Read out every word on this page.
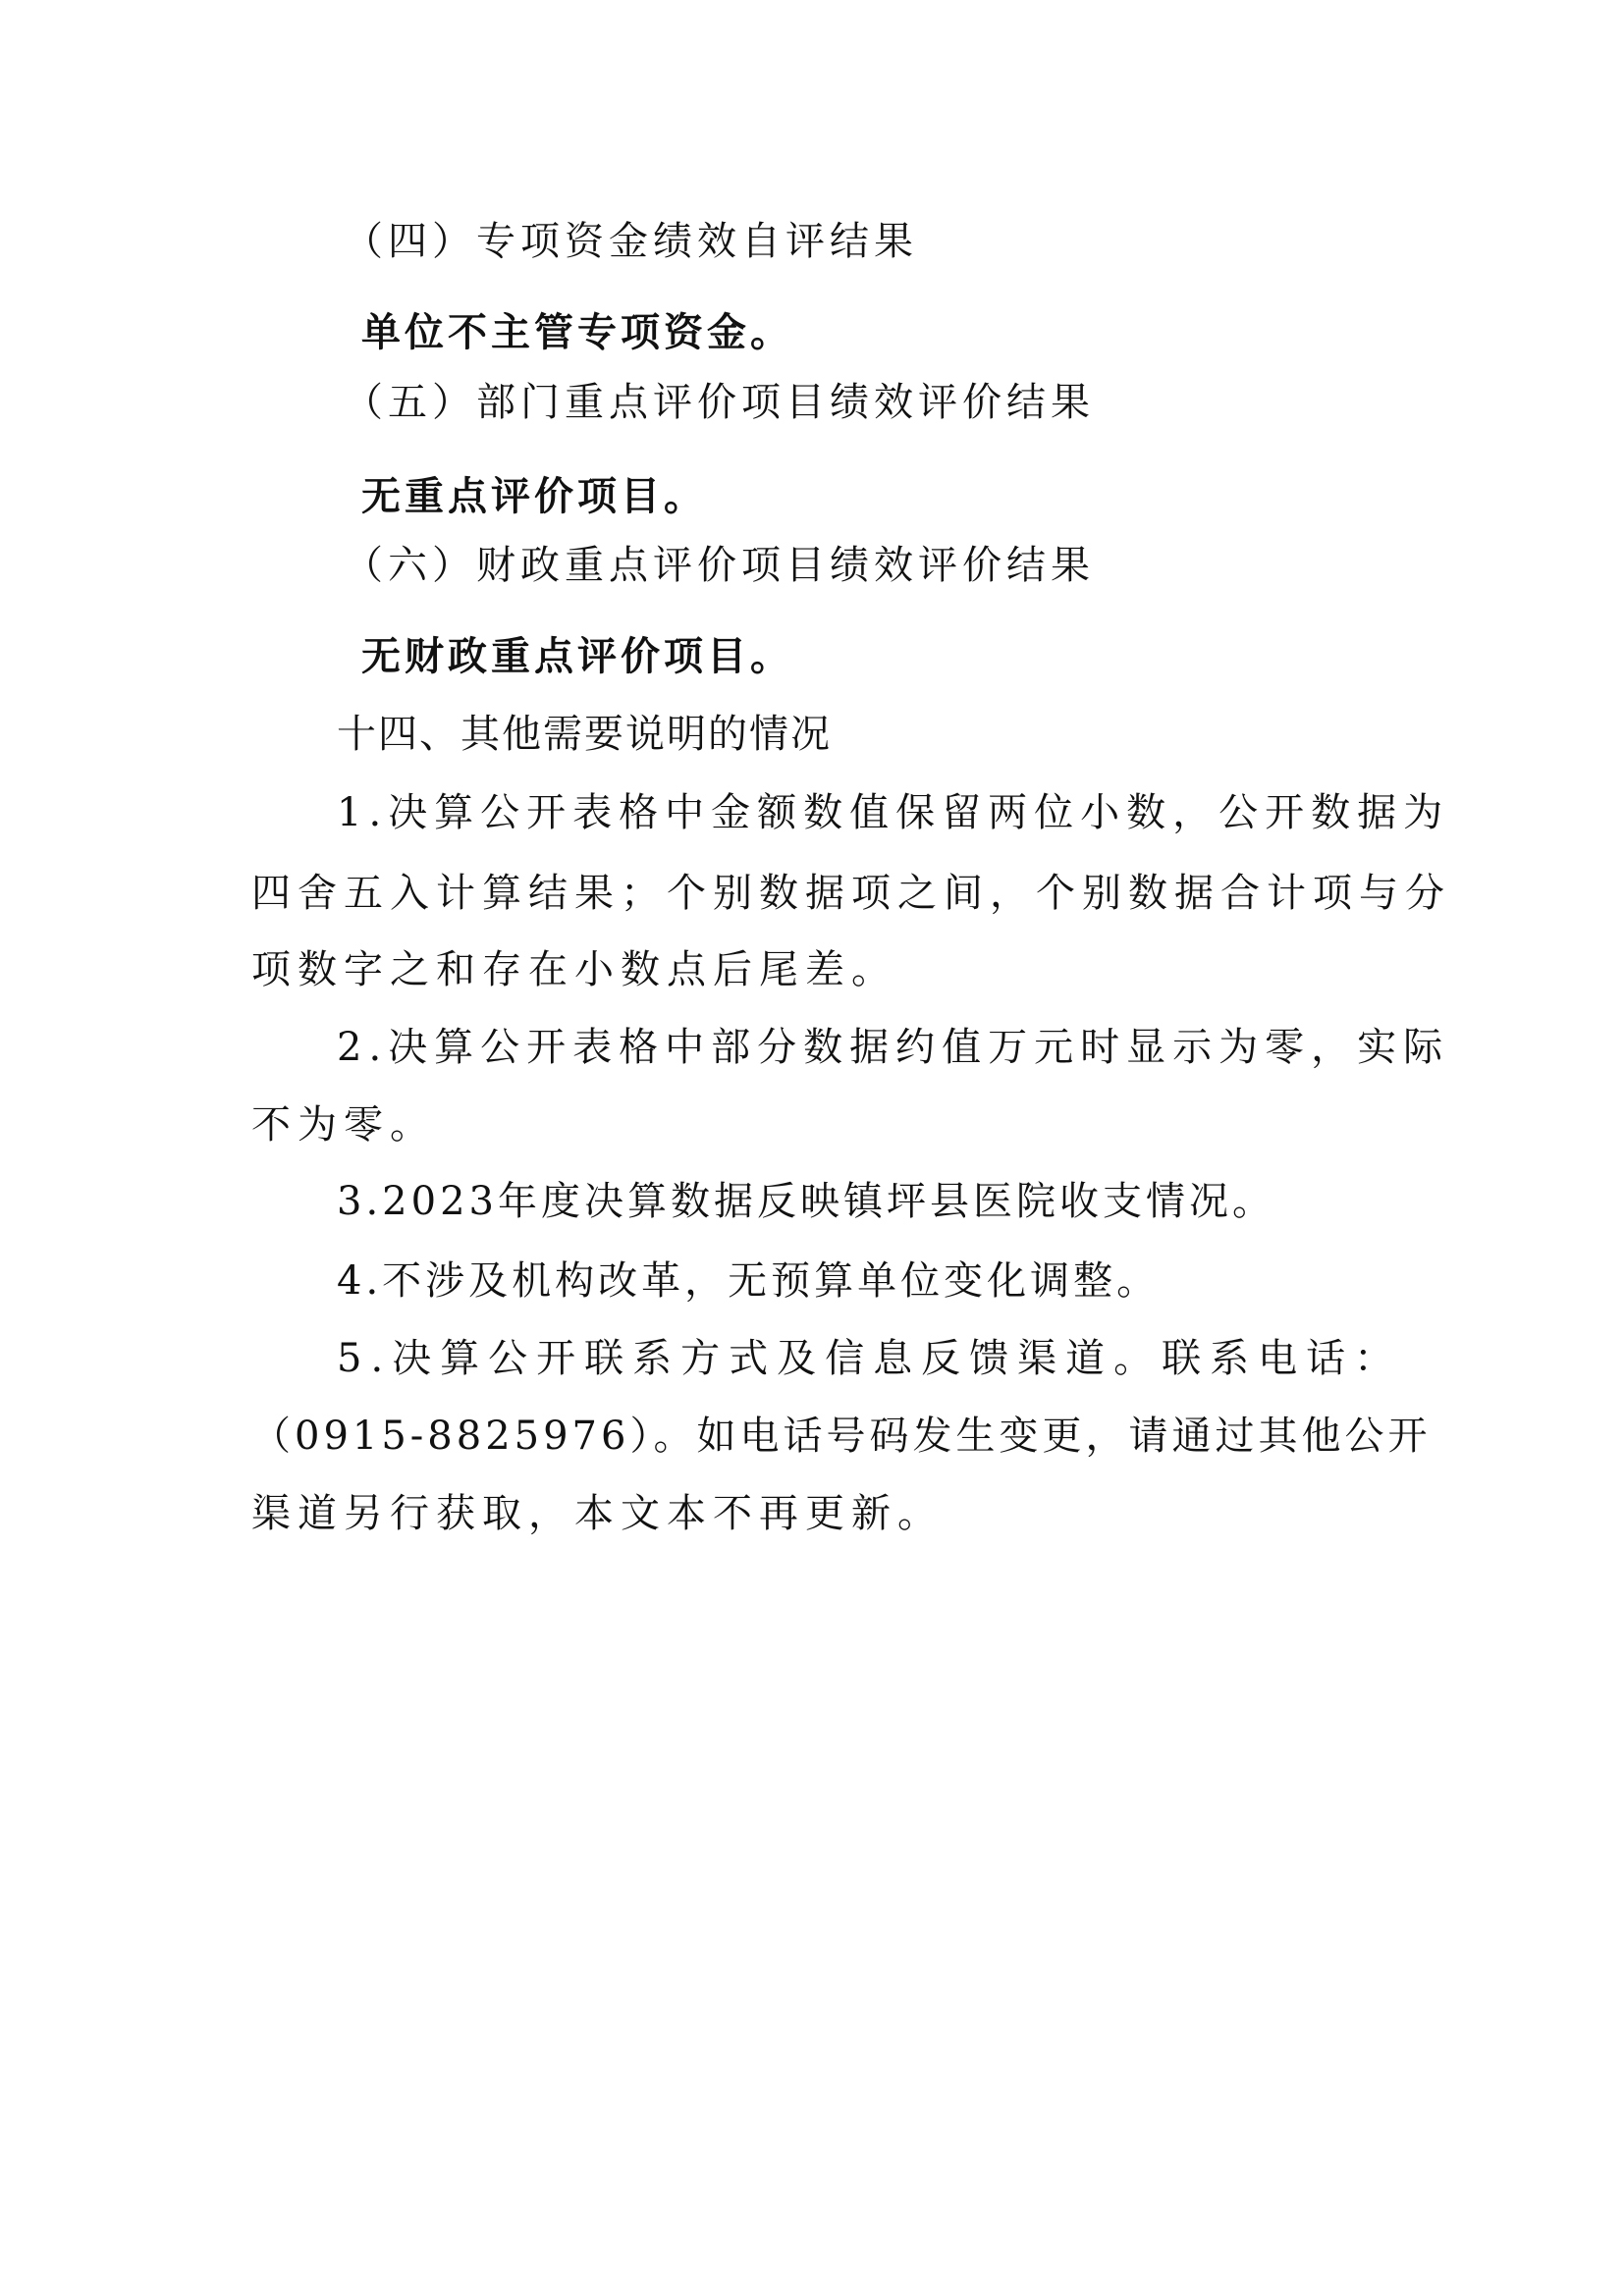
（四）专项资金绩效自评结果
单位不主管专项资金。
（五）部门重点评价项目绩效评价结果
无重点评价项目。
（六）财政重点评价项目绩效评价结果
无财政重点评价项目。
十四、其他需要说明的情况
1.决算公开表格中金额数值保留两位小数，公开数据为
四舍五入计算结果；个别数据项之间，个别数据合计项与分
项数字之和存在小数点后尾差。
2.决算公开表格中部分数据约值万元时显示为零，实际
不为零。
3.2023年度决算数据反映镇坪县医院收支情况。
4.不涉及机构改革，无预算单位变化调整。
5.决算公开联系方式及信息反馈渠道。联系电话：
（0915-8825976）。如电话号码发生变更，请通过其他公开
渠道另行获取，本文本不再更新。
